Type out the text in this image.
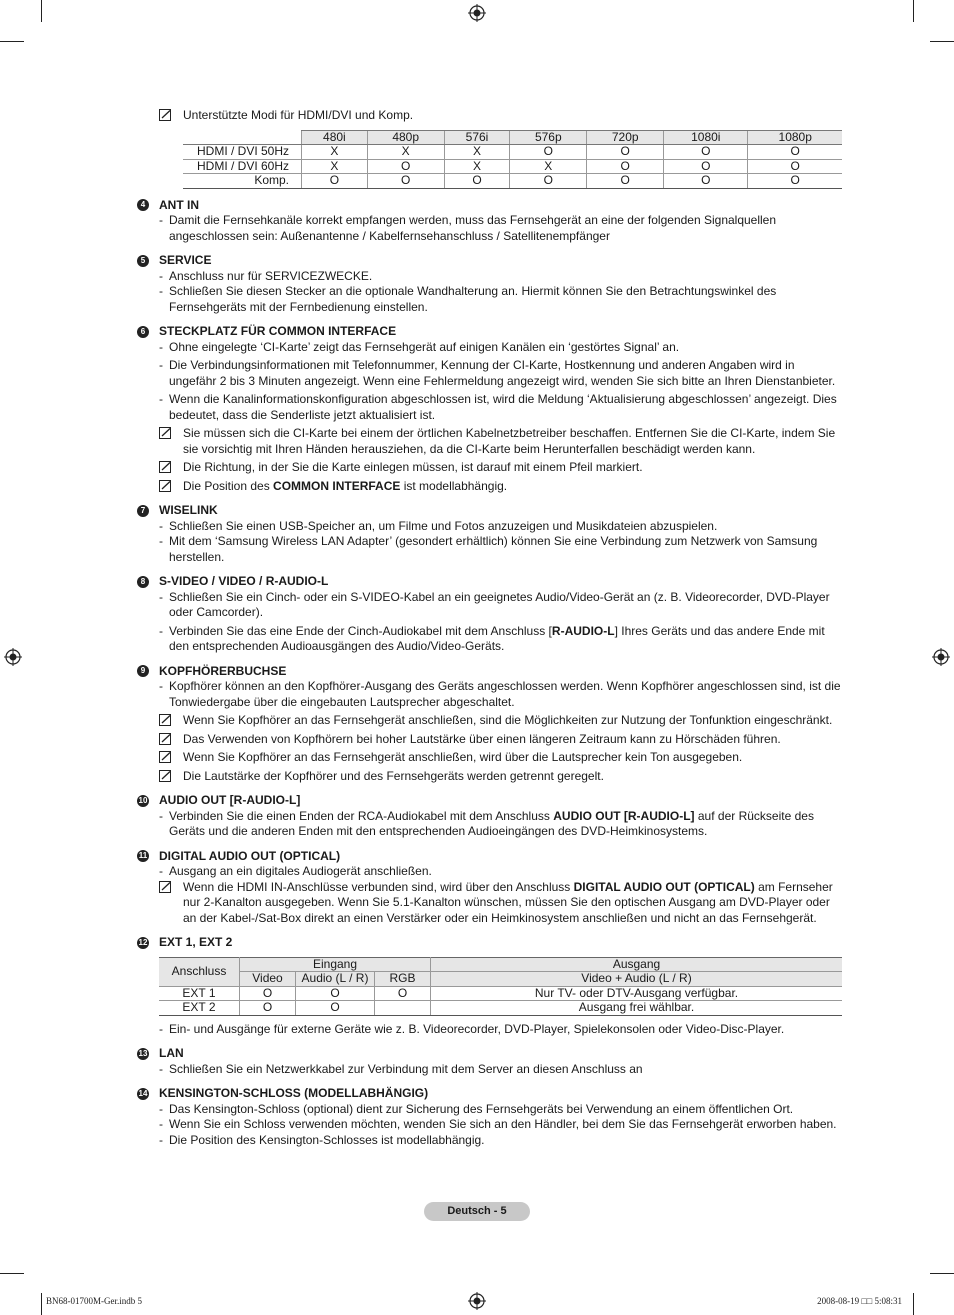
Unterstützte Modi für HDMI/DVI und Komp.
	480i	480p	576i	576p	720p	1080i	1080p
HDMI / DVI 50Hz	X	X	X	O	O	O	O
HDMI / DVI 60Hz	X	O	X	X	O	O	O
Komp.	O	O	O	O	O	O	O
4	ANT IN
- Damit die Fernsehkanäle korrekt empfangen werden, muss das Fernsehgerät an eine der folgenden Signalquellen angeschlossen sein: Außenantenne / Kabelfernsehanschluss / Satellitenempfänger
5	SERVICE
- Anschluss nur für SERVICEZWECKE.
- Schließen Sie diesen Stecker an die optionale Wandhalterung an. Hiermit können Sie den Betrachtungswinkel des Fernsehgeräts mit der Fernbedienung einstellen.
6	STECKPLATZ FÜR COMMON INTERFACE
- Ohne eingelegte ‘CI-Karte’ zeigt das Fernsehgerät auf einigen Kanälen ein ‘gestörtes Signal’ an.
- Die Verbindungsinformationen mit Telefonnummer, Kennung der CI-Karte, Hostkennung und anderen Angaben wird in ungefähr 2 bis 3 Minuten angezeigt. Wenn eine Fehlermeldung angezeigt wird, wenden Sie sich bitte an Ihren Dienstanbieter.
- Wenn die Kanalinformationskonfiguration abgeschlossen ist, wird die Meldung ‘Aktualisierung abgeschlossen’ angezeigt. Dies bedeutet, dass die Senderliste jetzt aktualisiert ist.
Sie müssen sich die CI-Karte bei einem der örtlichen Kabelnetzbetreiber beschaffen. Entfernen Sie die CI-Karte, indem Sie sie vorsichtig mit Ihren Händen herausziehen, da die CI-Karte beim Herunterfallen beschädigt werden kann.
Die Richtung, in der Sie die Karte einlegen müssen, ist darauf mit einem Pfeil markiert.
Die Position des COMMON INTERFACE ist modellabhängig.
7	WISELINK
- Schließen Sie einen USB-Speicher an, um Filme und Fotos anzuzeigen und Musikdateien abzuspielen.
- Mit dem ‘Samsung Wireless LAN Adapter’ (gesondert erhältlich) können Sie eine Verbindung zum Netzwerk von Samsung herstellen.
8	S-VIDEO / VIDEO / R-AUDIO-L
- Schließen Sie ein Cinch- oder ein S-VIDEO-Kabel an ein geeignetes Audio/Video-Gerät an (z. B. Videorecorder, DVD-Player oder Camcorder).
- Verbinden Sie das eine Ende der Cinch-Audiokabel mit dem Anschluss [R-AUDIO-L] Ihres Geräts und das andere Ende mit den entsprechenden Audioausgängen des Audio/Video-Geräts.
9	KOPFHÖRERBUCHSE
- Kopfhörer können an den Kopfhörer-Ausgang des Geräts angeschlossen werden. Wenn Kopfhörer angeschlossen sind, ist die Tonwiedergabe über die eingebauten Lautsprecher abgeschaltet.
Wenn Sie Kopfhörer an das Fernsehgerät anschließen, sind die Möglichkeiten zur Nutzung der Tonfunktion eingeschränkt.
Das Verwenden von Kopfhörern bei hoher Lautstärke über einen längeren Zeitraum kann zu Hörschäden führen.
Wenn Sie Kopfhörer an das Fernsehgerät anschließen, wird über die Lautsprecher kein Ton ausgegeben.
Die Lautstärke der Kopfhörer und des Fernsehgeräts werden getrennt geregelt.
10 AUDIO OUT [R-AUDIO-L]
- Verbinden Sie die einen Enden der RCA-Audiokabel mit dem Anschluss AUDIO OUT [R-AUDIO-L] auf der Rückseite des Geräts und die anderen Enden mit den entsprechenden Audioeingängen des DVD-Heimkinosystems.
11 DIGITAL AUDIO OUT (OPTICAL)
- Ausgang an ein digitales Audiogerät anschließen.
Wenn die HDMI IN-Anschlüsse verbunden sind, wird über den Anschluss DIGITAL AUDIO OUT (OPTICAL) am Fernseher nur 2-Kanalton ausgegeben. Wenn Sie 5.1-Kanalton wünschen, müssen Sie den optischen Ausgang am DVD-Player oder an der Kabel-/Sat-Box direkt an einen Verstärker oder ein Heimkinosystem anschließen und nicht an das Fernsehgerät.
12 EXT 1, EXT 2
Anschluss	Eingang			Ausgang
	Video	Audio (L / R)	RGB	Video + Audio (L / R)
EXT 1	O	O	O	Nur TV- oder DTV-Ausgang verfügbar.
EXT 2	O	O		Ausgang frei wählbar.
- Ein- und Ausgänge für externe Geräte wie z. B. Videorecorder, DVD-Player, Spielekonsolen oder Video-Disc-Player.
13 LAN
- Schließen Sie ein Netzwerkkabel zur Verbindung mit dem Server an diesen Anschluss an
14 KENSINGTON-SCHLOSS (MODELLABHÄNGIG)
- Das Kensington-Schloss (optional) dient zur Sicherung des Fernsehgeräts bei Verwendung an einem öffentlichen Ort.
- Wenn Sie ein Schloss verwenden möchten, wenden Sie sich an den Händler, bei dem Sie das Fernsehgerät erworben haben.
- Die Position des Kensington-Schlosses ist modellabhängig.
Deutsch - 5
BN68-01700M-Ger.indb 5	2008-08-19 □□ 5:08:31
